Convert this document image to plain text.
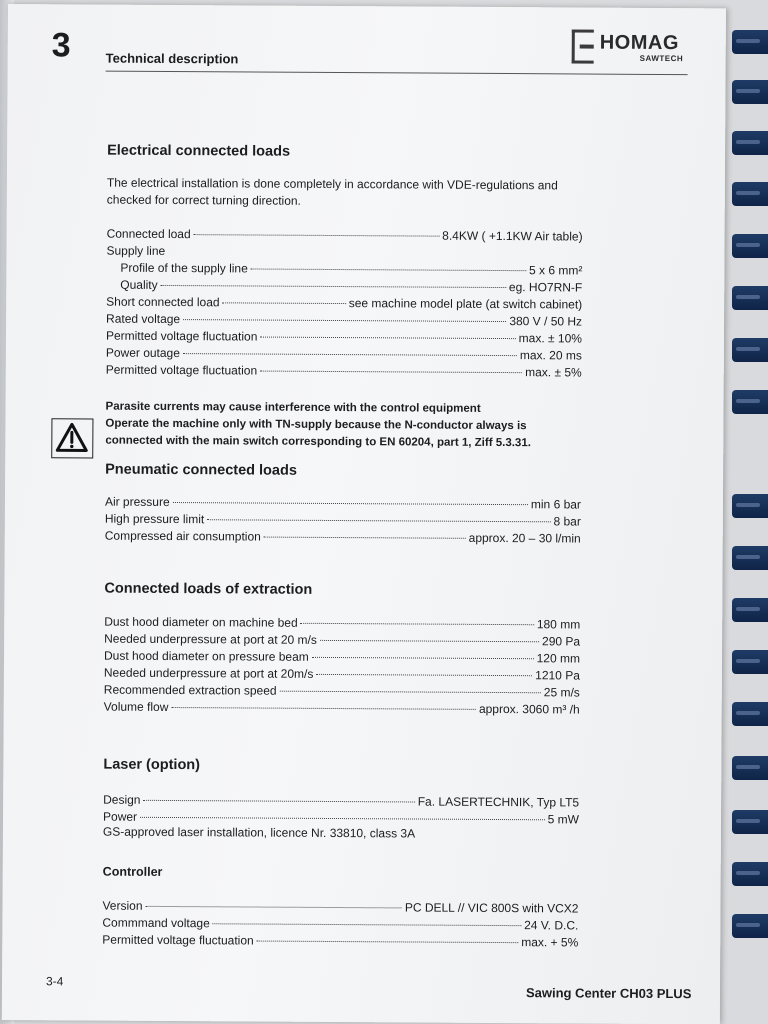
3	Technical description
HOMAG
SAWTECH
Electrical connected loads
The electrical installation is done completely in accordance with VDE-regulations and checked for correct turning direction.
Connected load	8.4KW ( +1.1KW Air table)
Supply line
Profile of the supply line	5 x 6 mm²
Quality	eg. HO7RN-F
Short connected load	see machine model plate (at switch cabinet)
Rated voltage	380 V / 50 Hz
Permitted voltage fluctuation	max. ± 10%
Power outage	max. 20 ms
Permitted voltage fluctuation	max. ± 5%
Parasite currents may cause interference with the control equipment
Operate the machine only with TN-supply because the N-conductor always is
connected with the main switch corresponding to EN 60204, part 1, Ziff 5.3.31.
Pneumatic connected loads
Air pressure	min 6 bar
High pressure limit	8 bar
Compressed air consumption	approx. 20 – 30 l/min
Connected loads of extraction
Dust hood diameter on machine bed	180 mm
Needed underpressure at port at 20 m/s	290 Pa
Dust hood diameter on pressure beam	120 mm
Needed underpressure at port at 20m/s	1210 Pa
Recommended extraction speed	25 m/s
Volume flow	approx. 3060 m³ /h
Laser (option)
Design	Fa. LASERTECHNIK, Typ LT5
Power	5 mW
GS-approved laser installation, licence Nr. 33810, class 3A
Controller
Version	PC DELL // VIC 800S with VCX2
Commmand voltage	24 V. D.C.
Permitted voltage fluctuation	max. + 5%
3-4
Sawing Center CH03 PLUS
